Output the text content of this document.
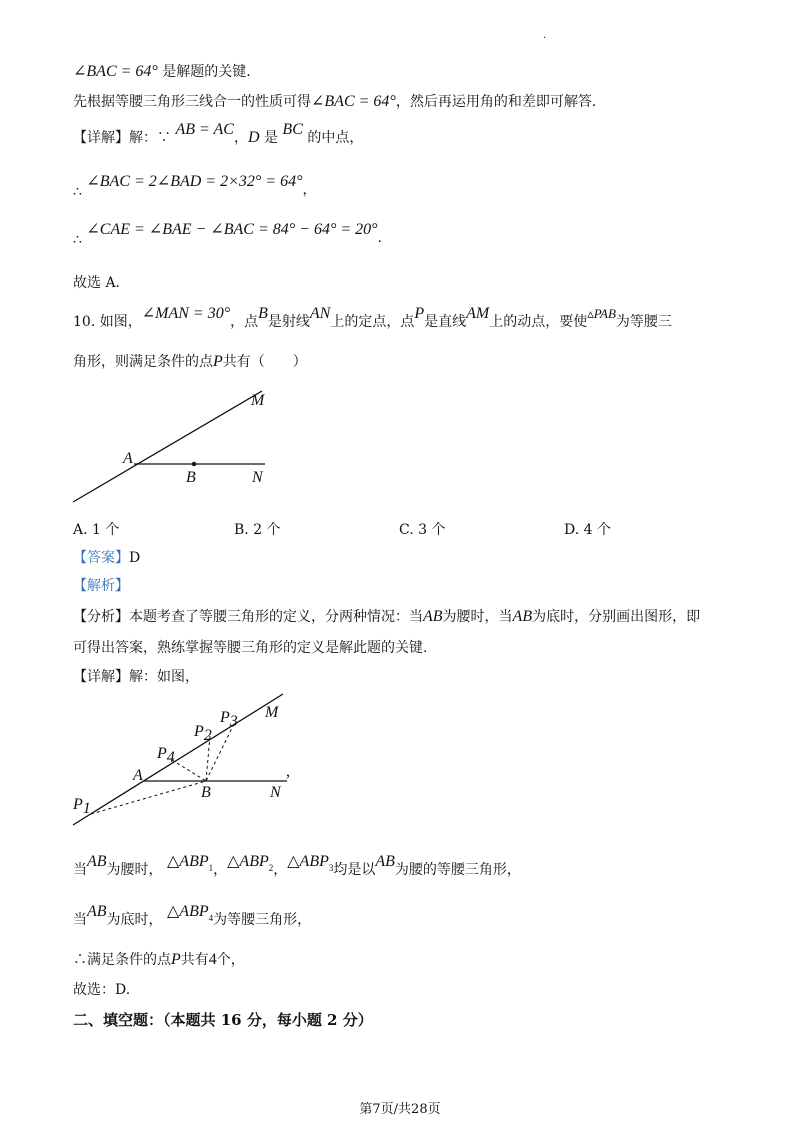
.
∠BAC = 64° 是解题的关键.
先根据等腰三角形三线合一的性质可得∠BAC = 64°，然后再运用角的和差即可解答.
【详解】解：∵ AB = AC，D 是 BC 的中点，
∴ ∠BAC = 2∠BAD = 2×32° = 64°，
∴ ∠CAE = ∠BAE − ∠BAC = 84° − 64° = 20°.
故选 A.
10. 如图，∠MAN = 30°，点B是射线AN上的定点，点P是直线AM上的动点，要使▵PAB为等腰三
角形，则满足条件的点P共有（　　）
M
A
B	N
A. 1 个	B. 2 个	C. 3 个	D. 4 个
【答案】D
【解析】
【分析】本题考查了等腰三角形的定义，分两种情况：当AB为腰时，当AB为底时，分别画出图形，即
可得出答案，熟练掌握等腰三角形的定义是解此题的关键.
【详解】解：如图，
P3
P2
P4
P1
M
A
B	N
,
当AB为腰时， $\triangle ABP_1$，$\triangle ABP_2$，$\triangle ABP_3$均是以AB为腰的等腰三角形，
当AB为底时， $\triangle ABP_4$为等腰三角形，
∴满足条件的点P共有4个，
故选：D.
二、填空题：（本题共 16 分，每小题 2 分）
第7页/共28页
